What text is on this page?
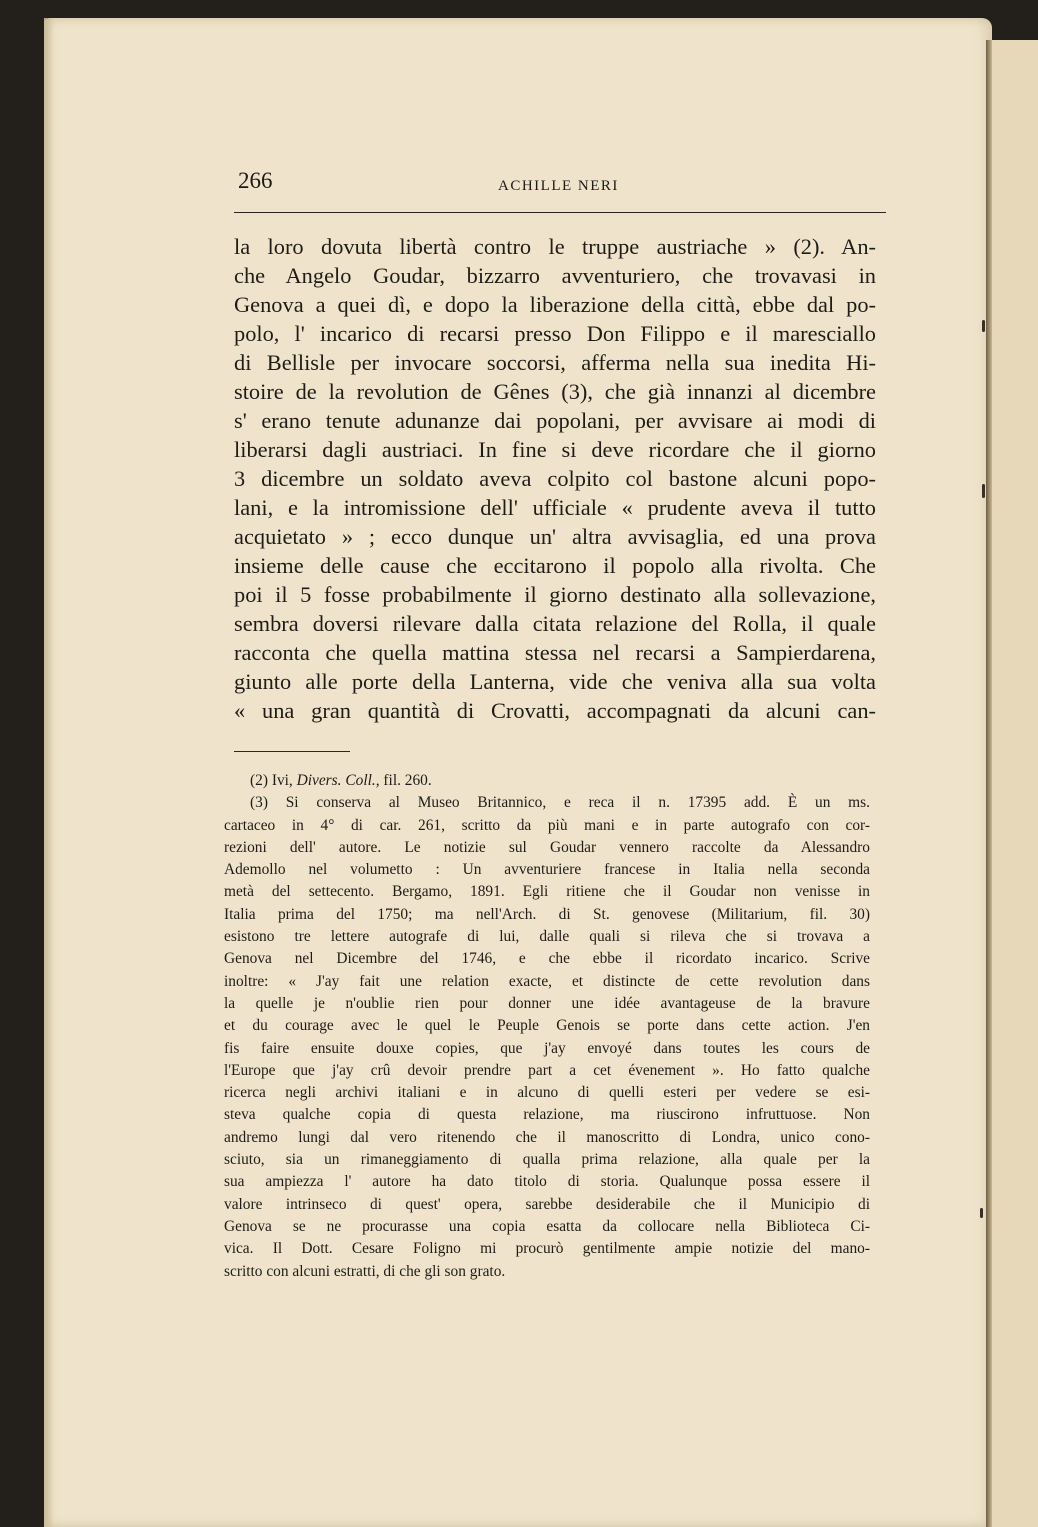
266	ACHILLE NERI
la loro dovuta libertà contro le truppe austriache » (2). An-
che Angelo Goudar, bizzarro avventuriero, che trovavasi in
Genova a quei dì, e dopo la liberazione della città, ebbe dal po-
polo, l' incarico di recarsi presso Don Filippo e il maresciallo
di Bellisle per invocare soccorsi, afferma nella sua inedita Hi-
stoire de la revolution de Gênes (3), che già innanzi al dicembre
s' erano tenute adunanze dai popolani, per avvisare ai modi di
liberarsi dagli austriaci. In fine si deve ricordare che il giorno
3 dicembre un soldato aveva colpito col bastone alcuni popo-
lani, e la intromissione dell' ufficiale « prudente aveva il tutto
acquietato » ; ecco dunque un' altra avvisaglia, ed una prova
insieme delle cause che eccitarono il popolo alla rivolta. Che
poi il 5 fosse probabilmente il giorno destinato alla sollevazione,
sembra doversi rilevare dalla citata relazione del Rolla, il quale
racconta che quella mattina stessa nel recarsi a Sampierdarena,
giunto alle porte della Lanterna, vide che veniva alla sua volta
« una gran quantità di Crovatti, accompagnati da alcuni can-
(2) Ivi, Divers. Coll., fil. 260.
(3) Si conserva al Museo Britannico, e reca il n. 17395 add. È un ms.
cartaceo in 4° di car. 261, scritto da più mani e in parte autografo con cor-
rezioni dell' autore. Le notizie sul Goudar vennero raccolte da Alessandro
Ademollo nel volumetto : Un avventuriere francese in Italia nella seconda
metà del settecento. Bergamo, 1891. Egli ritiene che il Goudar non venisse in
Italia prima del 1750; ma nell'Arch. di St. genovese (Militarium, fil. 30)
esistono tre lettere autografe di lui, dalle quali si rileva che si trovava a
Genova nel Dicembre del 1746, e che ebbe il ricordato incarico. Scrive
inoltre: « J'ay fait une relation exacte, et distincte de cette revolution dans
la quelle je n'oublie rien pour donner une idée avantageuse de la bravure
et du courage avec le quel le Peuple Genois se porte dans cette action. J'en
fis faire ensuite douxe copies, que j'ay envoyé dans toutes les cours de
l'Europe que j'ay crû devoir prendre part a cet évenement ». Ho fatto qualche
ricerca negli archivi italiani e in alcuno di quelli esteri per vedere se esi-
steva qualche copia di questa relazione, ma riuscirono infruttuose. Non
andremo lungi dal vero ritenendo che il manoscritto di Londra, unico cono-
sciuto, sia un rimaneggiamento di qualla prima relazione, alla quale per la
sua ampiezza l' autore ha dato titolo di storia. Qualunque possa essere il
valore intrinseco di quest' opera, sarebbe desiderabile che il Municipio di
Genova se ne procurasse una copia esatta da collocare nella Biblioteca Ci-
vica. Il Dott. Cesare Foligno mi procurò gentilmente ampie notizie del mano-
scritto con alcuni estratti, di che gli son grato.
